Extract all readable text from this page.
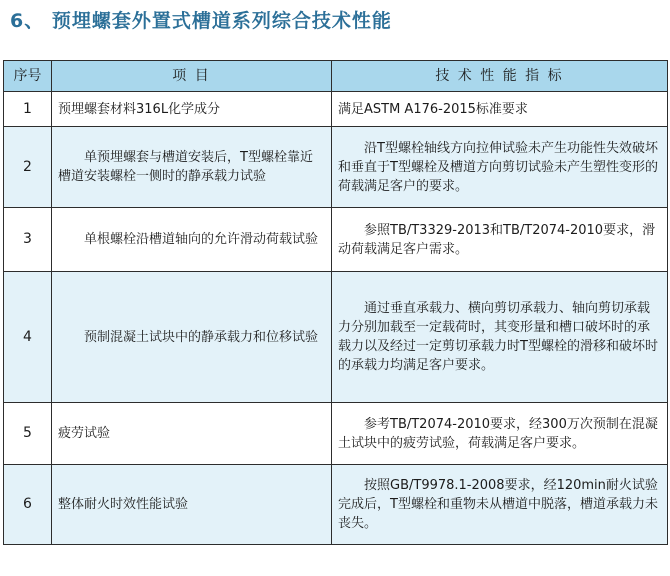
6、 预埋螺套外置式槽道系列综合技术性能
序号	项 目	技 术 性 能 指 标
1	预埋螺套材料316L化学成分	满足ASTM A176-2015标准要求
2	单预埋螺套与槽道安装后，T型螺栓靠近槽道安装螺栓一侧时的静承载力试验	沿T型螺栓轴线方向拉伸试验未产生功能性失效破坏和垂直于T型螺栓及槽道方向剪切试验未产生塑性变形的荷载满足客户的要求。
3	单根螺栓沿槽道轴向的允许滑动荷载试验	参照TB/T3329-2013和TB/T2074-2010要求，滑动荷载满足客户需求。
4	预制混凝土试块中的静承载力和位移试验	通过垂直承载力、横向剪切承载力、轴向剪切承载力分别加载至一定载荷时，其变形量和槽口破坏时的承载力以及经过一定剪切承载力时T型螺栓的滑移和破坏时的承载力均满足客户要求。
5	疲劳试验	参考TB/T2074-2010要求，经300万次预制在混凝土试块中的疲劳试验，荷载满足客户要求。
6	整体耐火时效性能试验	按照GB/T9978.1-2008要求，经120min耐火试验完成后，T型螺栓和重物未从槽道中脱落，槽道承载力未丧失。
